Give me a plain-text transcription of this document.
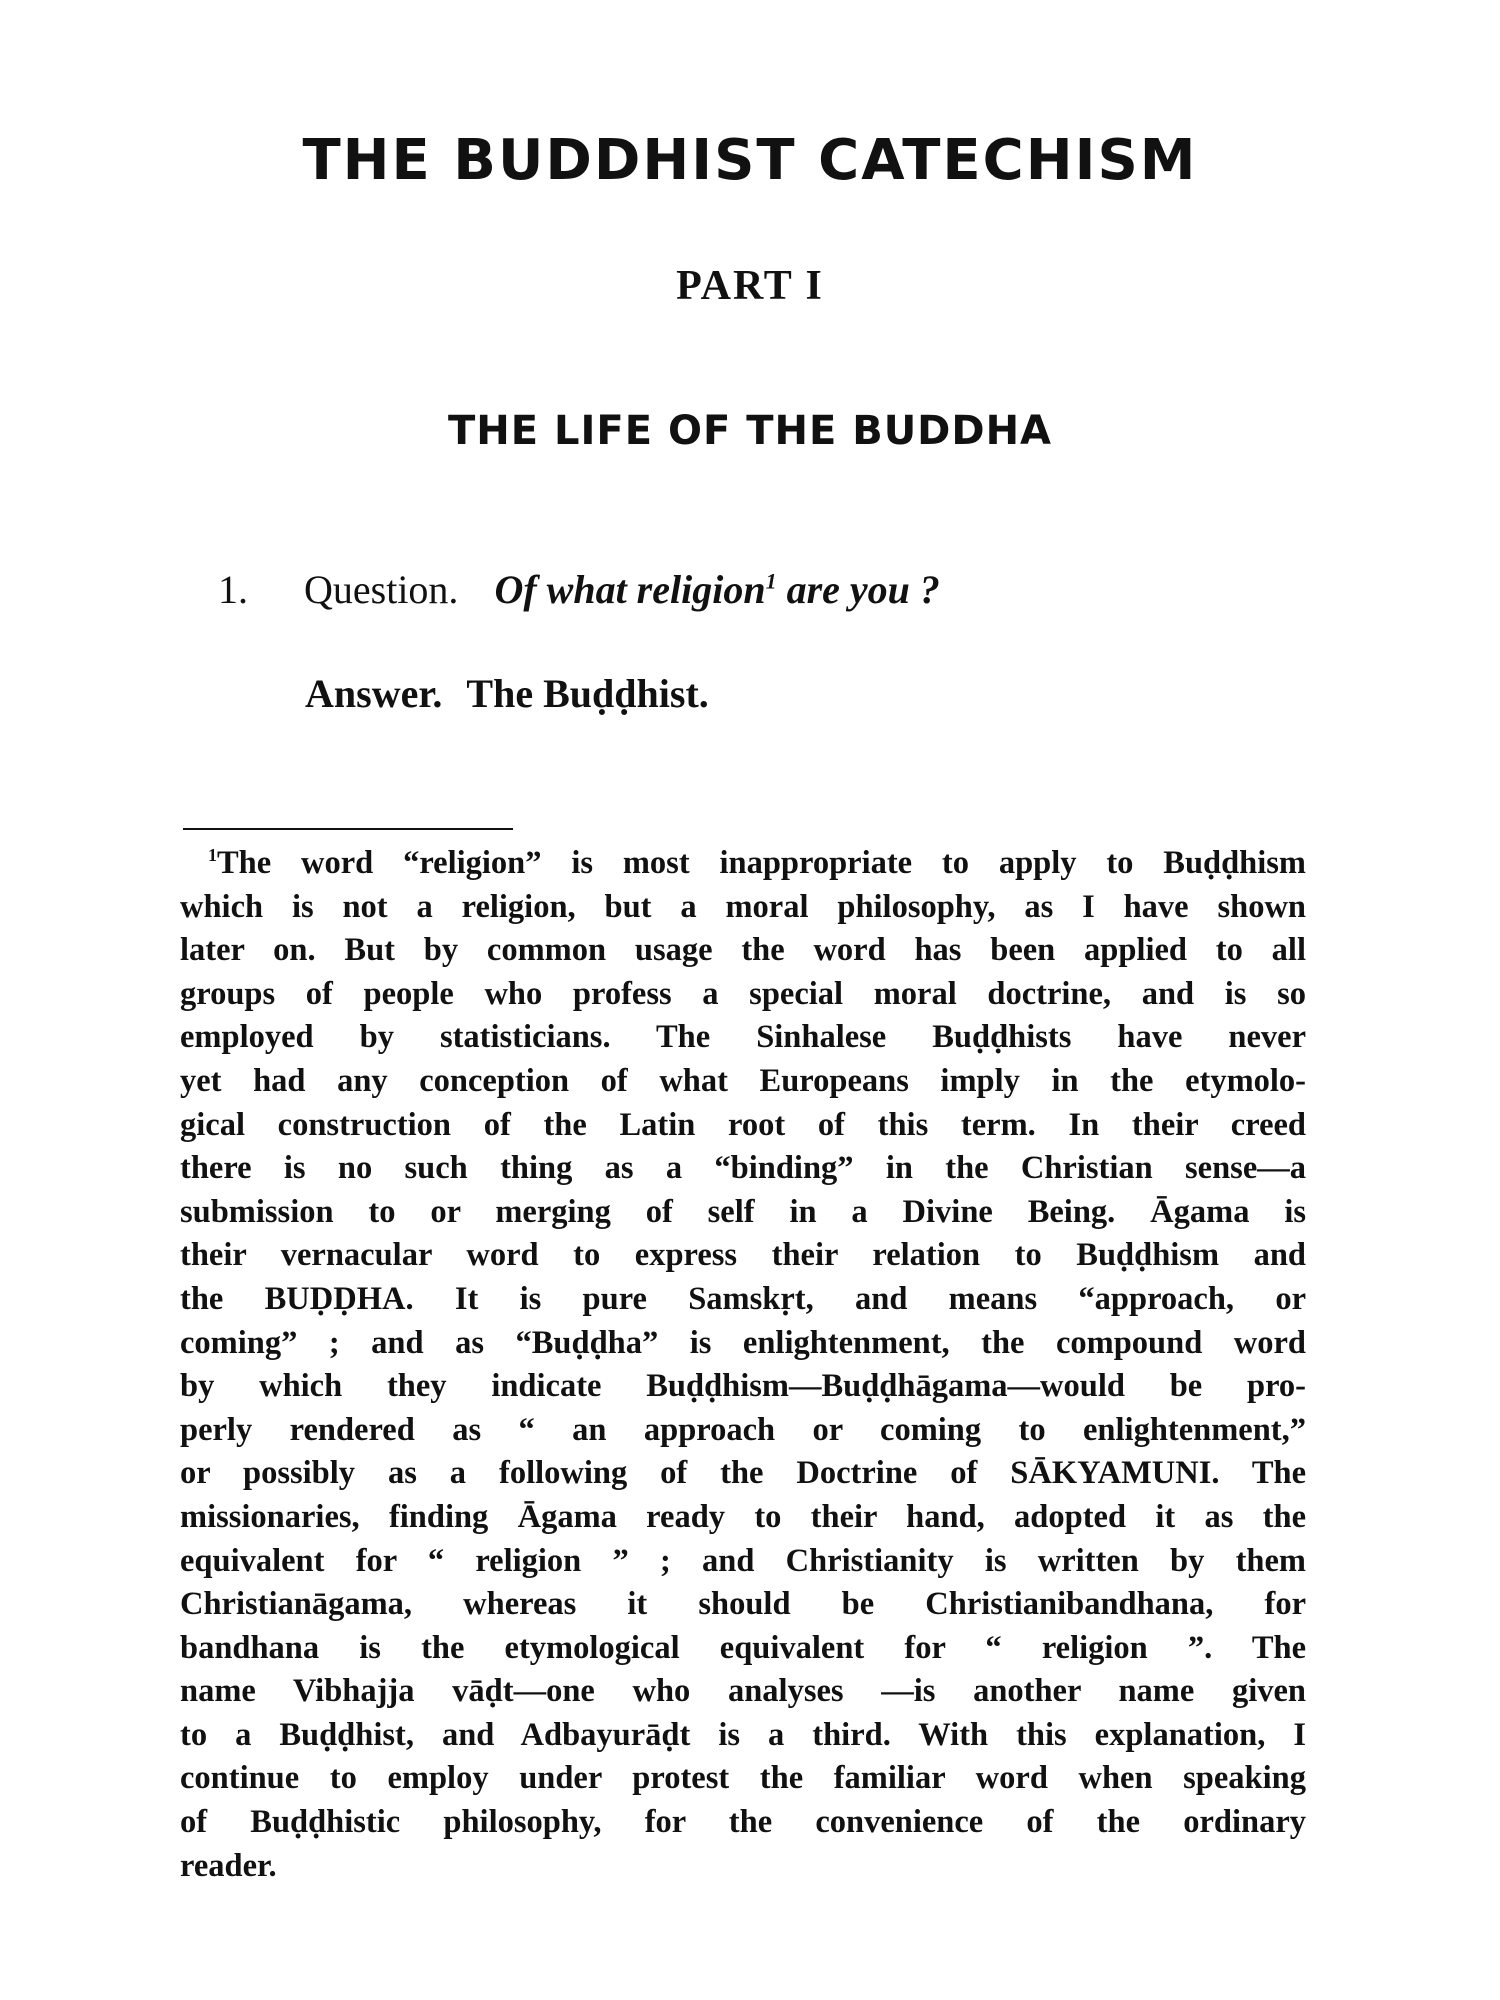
THE BUDDHIST CATECHISM
PART I
THE LIFE OF THE BUDDHA
1. Question. Of what religion$^1$ are you ?
Answer. The Buḍḍhist.
$^1$The word “religion” is most inappropriate to apply to Buḍḍhism
which is not a religion, but a moral philosophy, as I have shown
later on. But by common usage the word has been applied to all
groups of people who profess a special moral doctrine, and is so
employed by statisticians. The Sinhalese Buḍḍhists have never
yet had any conception of what Europeans imply in the etymolo-
gical construction of the Latin root of this term. In their creed
there is no such thing as a “binding” in the Christian sense—a
submission to or merging of self in a Divine Being. Āgama is
their vernacular word to express their relation to Buḍḍhism and
the BUḌḌHA. It is pure Samskṛt, and means “approach, or
coming” ; and as “Buḍḍha” is enlightenment, the compound word
by which they indicate Buḍḍhism—Buḍḍhāgama—would be pro-
perly rendered as “ an approach or coming to enlightenment,”
or possibly as a following of the Doctrine of SĀKYAMUNI. The
missionaries, finding Āgama ready to their hand, adopted it as the
equivalent for “ religion ” ; and Christianity is written by them
Christianāgama, whereas it should be Christianibandhana, for
bandhana is the etymological equivalent for “ religion ”. The
name Vibhajja vāḍt—one who analyses —is another name given
to a Buḍḍhist, and Adbayurāḍt is a third. With this explanation, I
continue to employ under protest the familiar word when speaking
of Buḍḍhistic philosophy, for the convenience of the ordinary
reader.
